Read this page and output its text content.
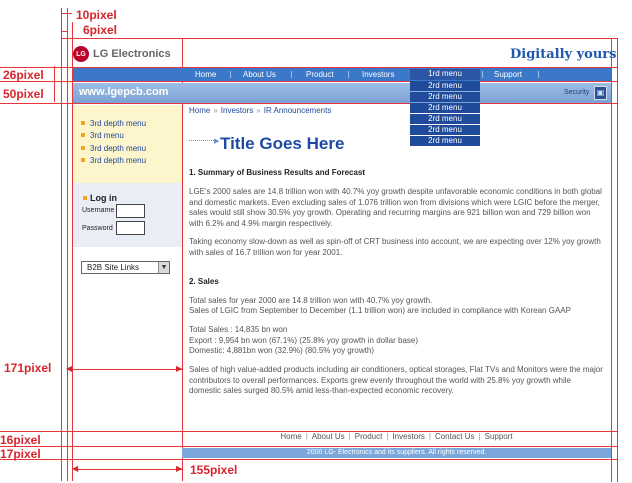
◀	▶
◀	▶
10pixel
6pixel
26pixel
50pixel
171pixel
16pixel
17pixel
155pixel
LG LG Electronics	Digitally yours
Home	About Us	Product	Investors	Support
www.lgepcb.com	Security ▣
1rd menu
2rd menu
2rd menu
2rd menu
2rd menu
2rd menu
2rd menu
3rd depth menu
3rd menu
3rd depth menu
3rd depth menu
Log in
Username
Password
B2B Site Links	▼
Home » Investors » IR Announcements
▶ Title Goes Here
1. Summary of Business Results and Forecast
LGE's 2000 sales are 14.8 trillion won with 40.7% yoy growth despite unfavorable economic conditions in both global and domestic markets. Even excluding sales of 1.076 trillion won from divisions which were LGIC before the merger, sales would still show 30.5% yoy growth. Operating and recurring margins are 921 billion won and 729 billion won with 6.2% and 4.9% margin respectively.
Taking economy slow-down as well as spin-off of CRT business into account, we are expecting over 12% yoy growth with sales of 16.7 trillion won for year 2001.
2. Sales
Total sales for year 2000 are 14.8 trillion won with 40.7% yoy growth.
Sales of LGIC from September to December (1.1 trillion won) are included in compliance with Korean GAAP
Total Sales : 14,835 bn won
Export : 9,954 bn won (67.1%) (25.8% yoy growth in dollar base)
Domestic: 4,881bn won (32.9%) (80.5% yoy growth)
Sales of high value-added products including air conditioners, optical storages, Flat TVs and Monitors were the major contributors to overall performances. Exports grew evenly throughout the world with 25.8% yoy growth while domestic sales surged 80.5% amid less-than-expected economic recovery.
Home | About Us | Product | Investors | Contact Us | Support
2000 LG- Electronics and its suppliers. All rights reserved.
